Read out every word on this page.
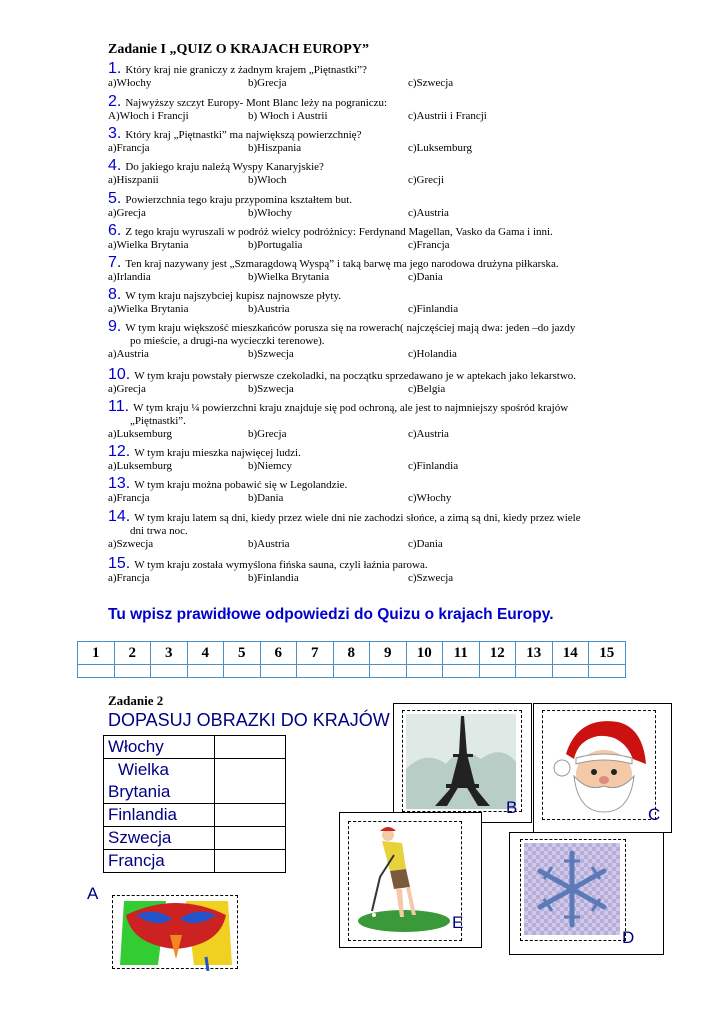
Zadanie I „QUIZ O KRAJACH EUROPY”
1. Który kraj nie graniczy z żadnym krajem „Piętnastki”?
a)Włochy	b)Grecja	c)Szwecja
2. Najwyższy szczyt Europy- Mont Blanc leży na pograniczu:
A)Włoch i Francji	b) Włoch i Austrii	c)Austrii i Francji
3. Który kraj „Piętnastki” ma największą powierzchnię?
a)Francja	b)Hiszpania	c)Luksemburg
4. Do jakiego kraju należą Wyspy Kanaryjskie?
a)Hiszpanii	b)Włoch	c)Grecji
5. Powierzchnia tego kraju przypomina kształtem but.
a)Grecja	b)Włochy	c)Austria
6. Z tego kraju wyruszali w podróż wielcy podróżnicy: Ferdynand Magellan, Vasko da Gama i inni.
a)Wielka Brytania	b)Portugalia	c)Francja
7. Ten kraj nazywany jest „Szmaragdową Wyspą” i taką barwę ma jego narodowa drużyna piłkarska.
a)Irlandia	b)Wielka Brytania	c)Dania
8. W tym kraju najszybciej kupisz najnowsze płyty.
a)Wielka Brytania	b)Austria	c)Finlandia
9. W tym kraju większość mieszkańców porusza się na rowerach( najczęściej mają dwa: jeden –do jazdy
po mieście, a drugi-na wycieczki terenowe).
a)Austria	b)Szwecja	c)Holandia
10. W tym kraju powstały pierwsze czekoladki, na początku sprzedawano je w aptekach jako lekarstwo.
a)Grecja	b)Szwecja	c)Belgia
11. W tym kraju ¼ powierzchni kraju znajduje się pod ochroną, ale jest to najmniejszy spośród krajów
„Piętnastki”.
a)Luksemburg	b)Grecja	c)Austria
12. W tym kraju mieszka najwięcej ludzi.
a)Luksemburg	b)Niemcy	c)Finlandia
13. W tym kraju można pobawić się w Legolandzie.
a)Francja	b)Dania	c)Włochy
14. W tym kraju latem są dni, kiedy przez wiele dni nie zachodzi słońce, a zimą są dni, kiedy przez wiele
dni trwa noc.
a)Szwecja	b)Austria	c)Dania
15. W tym kraju została wymyślona fińska sauna, czyli łaźnia parowa.
a)Francja	b)Finlandia	c)Szwecja
Tu wpisz prawidłowe odpowiedzi do Quizu o krajach Europy.
1	2	3	4	5	6	7	8	9	10	11	12	13	14	15

Zadanie 2
DOPASUJ OBRAZKI DO KRAJÓW
Włochy	
Wielka	
Brytania	
Finlandia	
Szwecja	
Francja	
B	C
E
D
A
